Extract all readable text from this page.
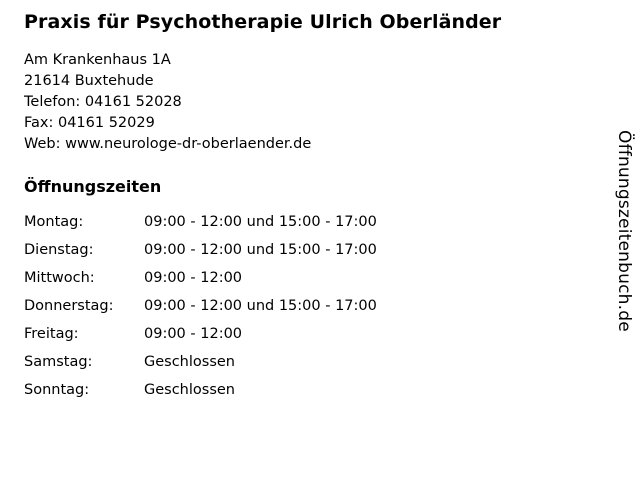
Praxis für Psychotherapie Ulrich Oberländer
Am Krankenhaus 1A
21614 Buxtehude
Telefon: 04161 52028
Fax: 04161 52029
Web: www.neurologe-dr-oberlaender.de
Öffnungszeiten
Montag:	09:00 - 12:00 und 15:00 - 17:00
Dienstag:	09:00 - 12:00 und 15:00 - 17:00
Mittwoch:	09:00 - 12:00
Donnerstag:	09:00 - 12:00 und 15:00 - 17:00
Freitag:	09:00 - 12:00
Samstag:	Geschlossen
Sonntag:	Geschlossen
Öffnungszeitenbuch.de
